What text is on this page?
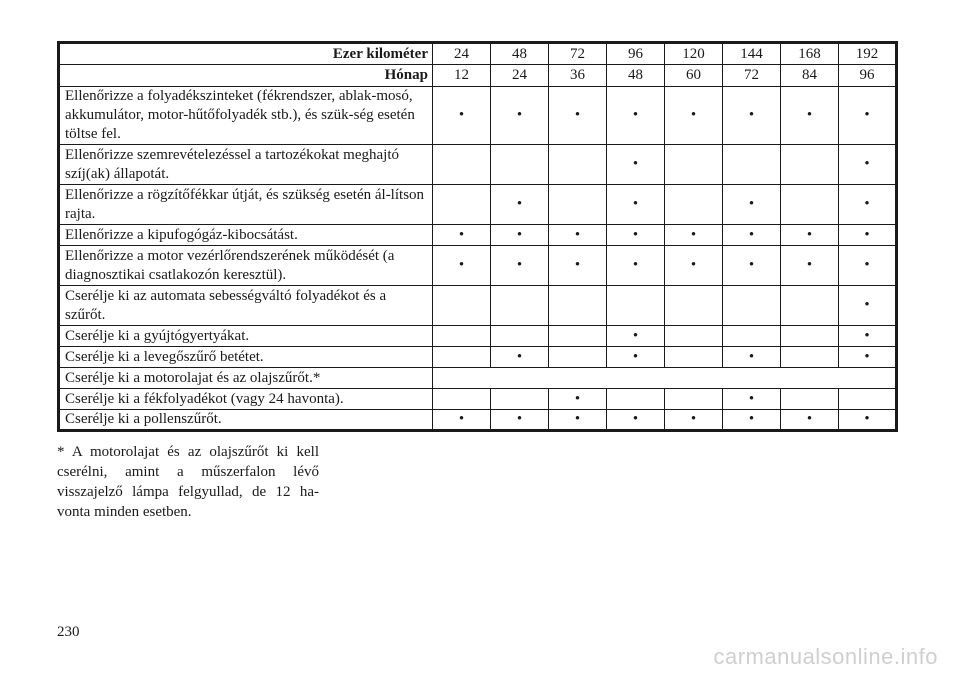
Ezer kilométer	24	48	72	96	120	144	168	192
Hónap	12	24	36	48	60	72	84	96
Ellenőrizze a folyadékszinteket (fékrendszer, ablak-mosó, akkumulátor, motor-hűtőfolyadék stb.), és szük-ség esetén töltse fel.	•	•	•	•	•	•	•	•
Ellenőrizze szemrevételezéssel a tartozékokat meghajtó szíj(ak) állapotát.				•				•
Ellenőrizze a rögzítőfékkar útját, és szükség esetén ál-lítson rajta.		•		•		•		•
Ellenőrizze a kipufogógáz-kibocsátást.	•	•	•	•	•	•	•	•
Ellenőrizze a motor vezérlőrendszerének működését (a diagnosztikai csatlakozón keresztül).	•	•	•	•	•	•	•	•
Cserélje ki az automata sebességváltó folyadékot és a szűrőt.								•
Cserélje ki a gyújtógyertyákat.				•				•
Cserélje ki a levegőszűrő betétet.		•		•		•		•
Cserélje ki a motorolajat és az olajszűrőt.*								
Cserélje ki a fékfolyadékot (vagy 24 havonta).			•			•		
Cserélje ki a pollenszűrőt.	•	•	•	•	•	•	•	•

* A motorolajat és az olajszűrőt ki kell cserélni, amint a műszerfalon lévő visszajelző lámpa felgyullad, de 12 ha-vonta minden esetben.

230

carmanualsonline.info
